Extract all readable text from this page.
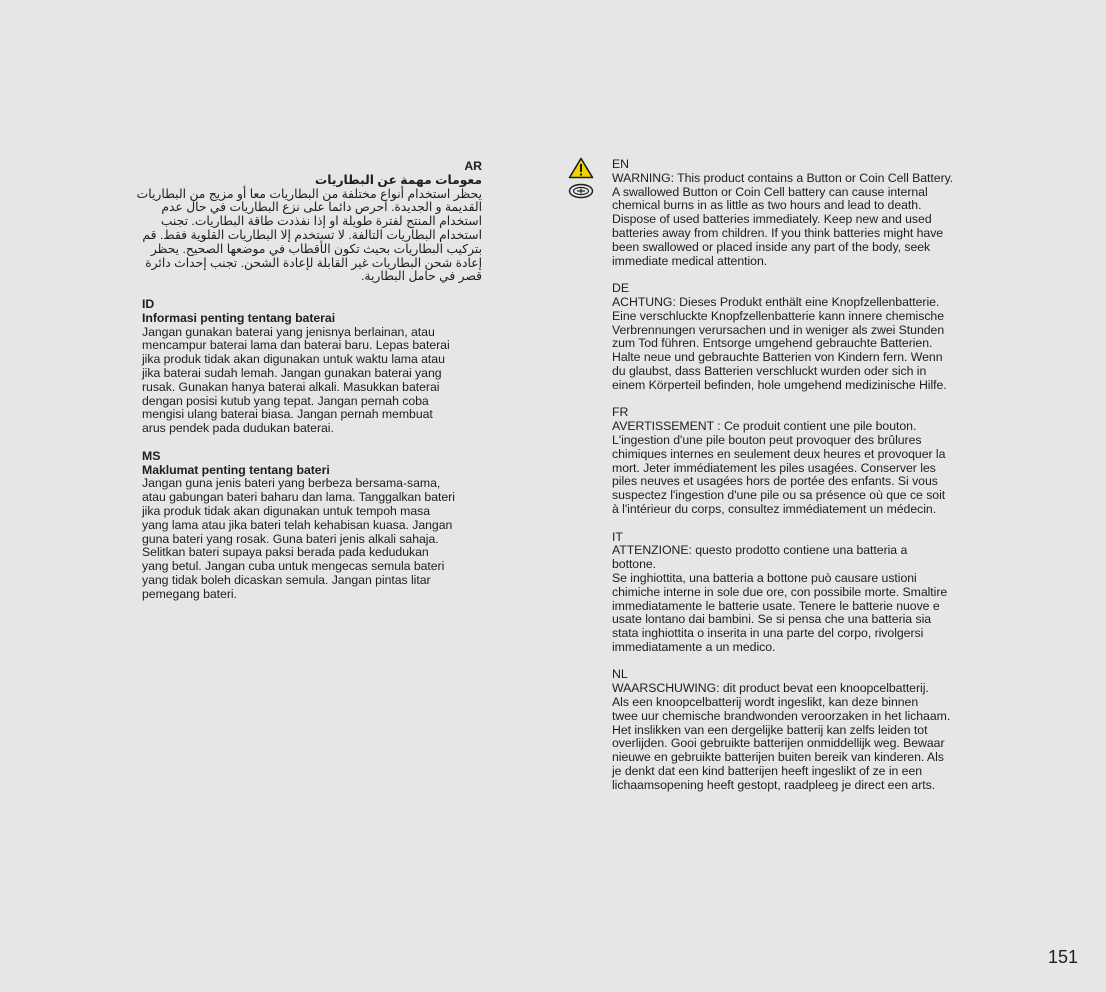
AR

معومات مهمة عن البطاريات

يحظر استخدام أنواع مختلفة من البطاريات معا أو مزيج من البطاريات
القديمة و الجديدة. احرص دائما على نزع البطاريات في حال عدم
استخدام المنتج لفترة طويلة او إذا نفذدت طاقة البطاريات. تجنب
استخدام البطاريات التالفة. لا تستخدم إلا البطاريات القلوية فقط. قم
بتركيب البطاريات بحيث تكون الأقطاب في موضعها الصحيح. يحظر
إعادة شحن البطاريات غير القابلة لإعادة الشحن. تجنب إحداث دائرة
قصر في حامل البطارية.

ID

Informasi penting tentang baterai

Jangan gunakan baterai yang jenisnya berlainan, atau
mencampur baterai lama dan baterai baru. Lepas baterai
jika produk tidak akan digunakan untuk waktu lama atau
jika baterai sudah lemah. Jangan gunakan baterai yang
rusak. Gunakan hanya baterai alkali. Masukkan baterai
dengan posisi kutub yang tepat. Jangan pernah coba
mengisi ulang baterai biasa. Jangan pernah membuat
arus pendek pada dudukan baterai.

MS

Maklumat penting tentang bateri

Jangan guna jenis bateri yang berbeza bersama-sama,
atau gabungan bateri baharu dan lama. Tanggalkan bateri
jika produk tidak akan digunakan untuk tempoh masa
yang lama atau jika bateri telah kehabisan kuasa. Jangan
guna bateri yang rosak. Guna bateri jenis alkali sahaja.
Selitkan bateri supaya paksi berada pada kedudukan
yang betul. Jangan cuba untuk mengecas semula bateri
yang tidak boleh dicaskan semula. Jangan pintas litar
pemegang bateri.

EN

WARNING: This product contains a Button or Coin Cell Battery.
A swallowed Button or Coin Cell battery can cause internal
chemical burns in as little as two hours and lead to death.
Dispose of used batteries immediately. Keep new and used
batteries away from children. If you think batteries might have
been swallowed or placed inside any part of the body, seek
immediate medical attention.

DE

ACHTUNG: Dieses Produkt enthält eine Knopfzellenbatterie.
Eine verschluckte Knopfzellenbatterie kann innere chemische
Verbrennungen verursachen und in weniger als zwei Stunden
zum Tod führen. Entsorge umgehend gebrauchte Batterien.
Halte neue und gebrauchte Batterien von Kindern fern. Wenn
du glaubst, dass Batterien verschluckt wurden oder sich in
einem Körperteil befinden, hole umgehend medizinische Hilfe.

FR

AVERTISSEMENT : Ce produit contient une pile bouton.
L'ingestion d'une pile bouton peut provoquer des brûlures
chimiques internes en seulement deux heures et provoquer la
mort. Jeter immédiatement les piles usagées. Conserver les
piles neuves et usagées hors de portée des enfants. Si vous
suspectez l'ingestion d'une pile ou sa présence où que ce soit
à l'intérieur du corps, consultez immédiatement un médecin.

IT

ATTENZIONE: questo prodotto contiene una batteria a
bottone.
Se inghiottita, una batteria a bottone può causare ustioni
chimiche interne in sole due ore, con possibile morte. Smaltire
immediatamente le batterie usate. Tenere le batterie nuove e
usate lontano dai bambini. Se si pensa che una batteria sia
stata inghiottita o inserita in una parte del corpo, rivolgersi
immediatamente a un medico.

NL

WAARSCHUWING: dit product bevat een knoopcelbatterij.
Als een knoopcelbatterij wordt ingeslikt, kan deze binnen
twee uur chemische brandwonden veroorzaken in het lichaam.
Het inslikken van een dergelijke batterij kan zelfs leiden tot
overlijden. Gooi gebruikte batterijen onmiddellijk weg. Bewaar
nieuwe en gebruikte batterijen buiten bereik van kinderen. Als
je denkt dat een kind batterijen heeft ingeslikt of ze in een
lichaamsopening heeft gestopt, raadpleeg je direct een arts.
151
